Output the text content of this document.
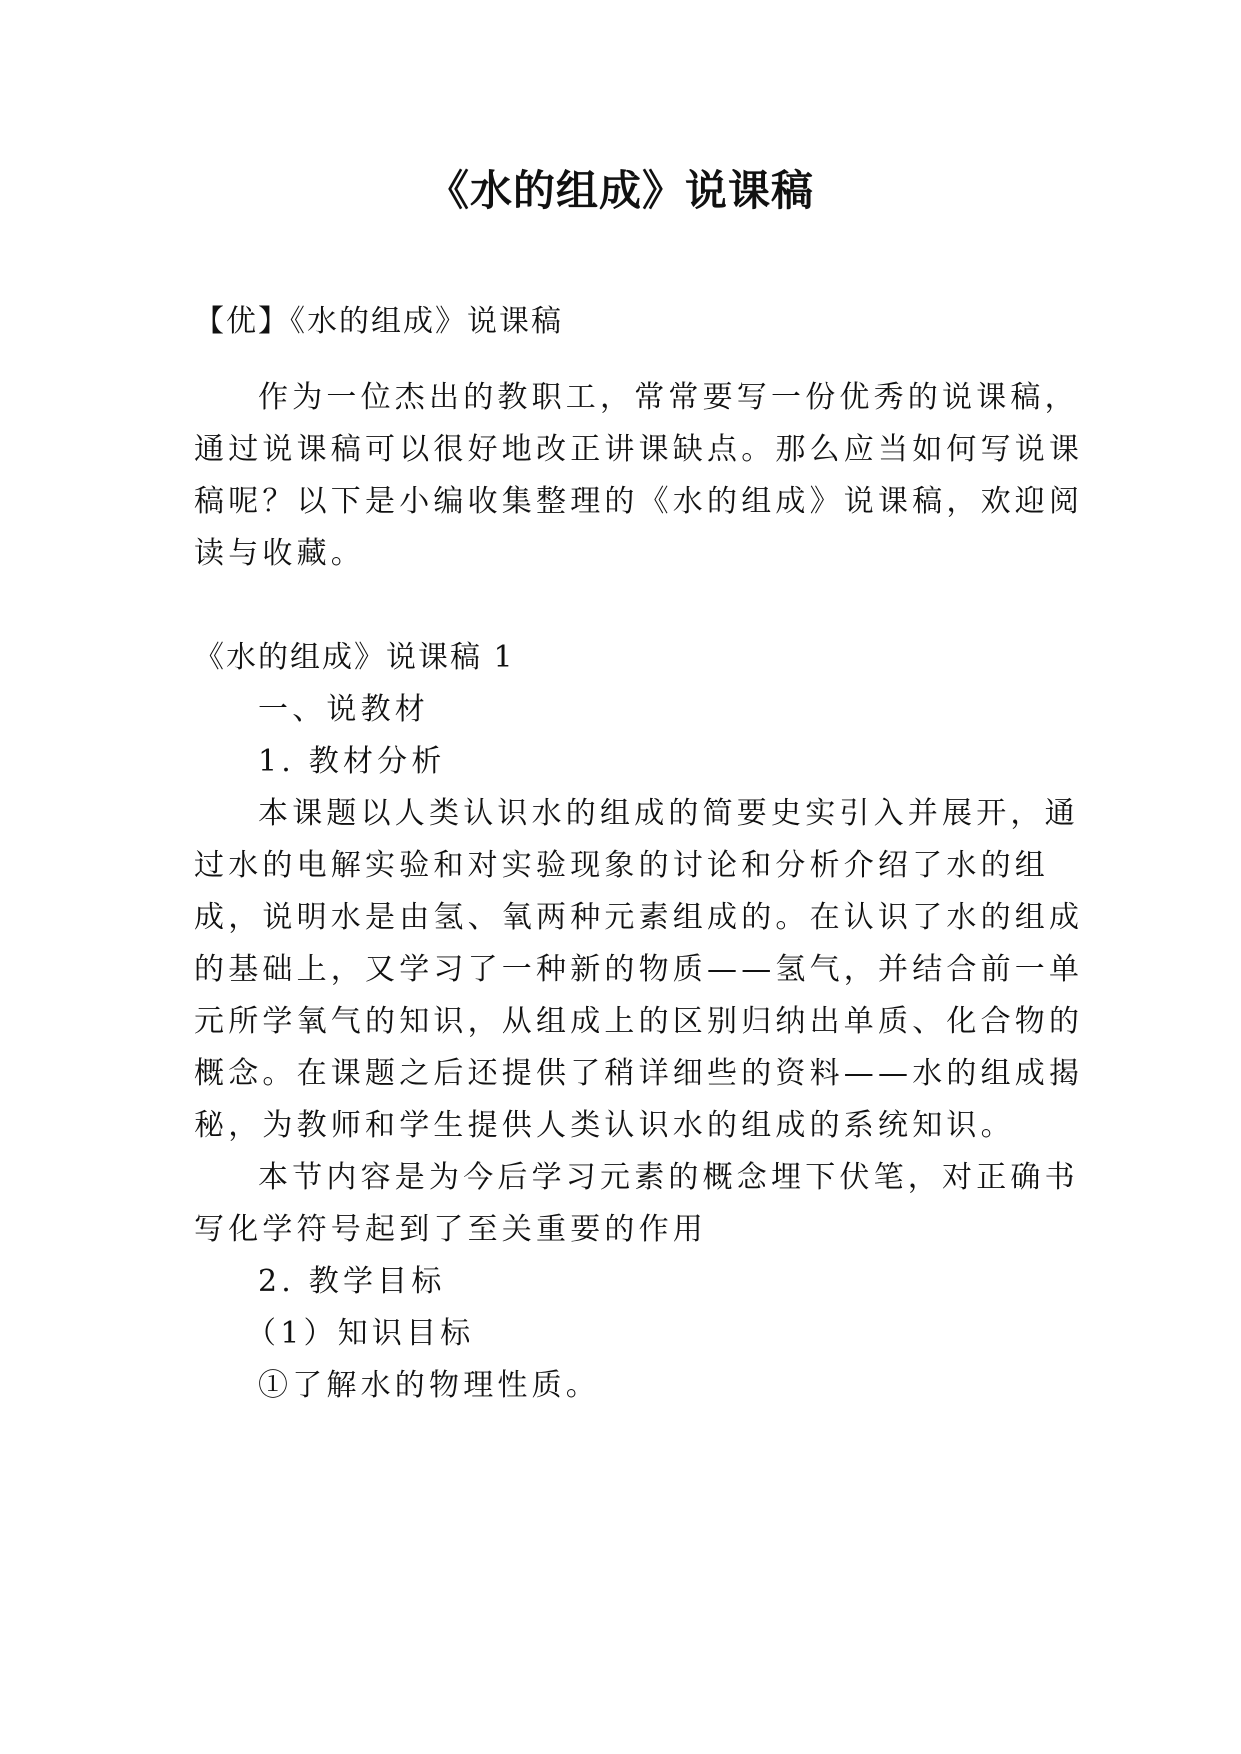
《水的组成》说课稿
【优】《水的组成》说课稿
作为一位杰出的教职工，常常要写一份优秀的说课稿，
通过说课稿可以很好地改正讲课缺点。那么应当如何写说课
稿呢？以下是小编收集整理的《水的组成》说课稿，欢迎阅
读与收藏。
《水的组成》说课稿 1
一、说教材
1. 教材分析
本课题以人类认识水的组成的简要史实引入并展开，通
过水的电解实验和对实验现象的讨论和分析介绍了水的组
成，说明水是由氢、氧两种元素组成的。在认识了水的组成
的基础上，又学习了一种新的物质——氢气，并结合前一单
元所学氧气的知识，从组成上的区别归纳出单质、化合物的
概念。在课题之后还提供了稍详细些的资料——水的组成揭
秘，为教师和学生提供人类认识水的组成的系统知识。
本节内容是为今后学习元素的概念埋下伏笔，对正确书
写化学符号起到了至关重要的作用
2. 教学目标
（1）知识目标
①了解水的物理性质。
